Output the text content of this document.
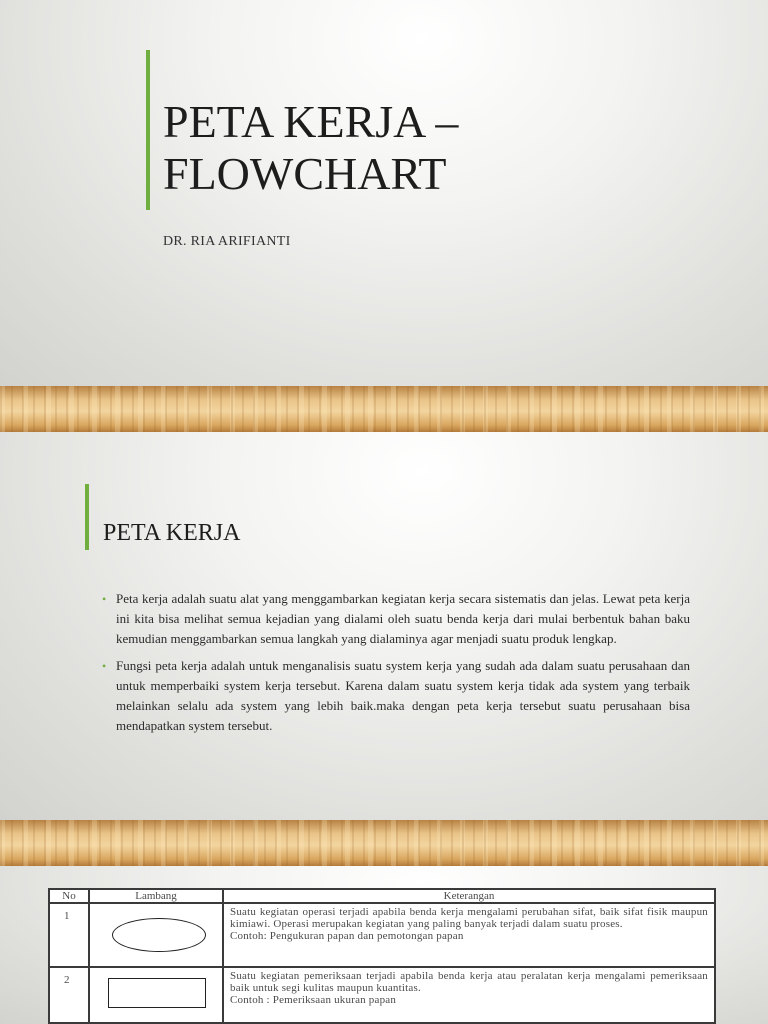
PETA KERJA –
FLOWCHART

DR. RIA ARIFIANTI

PETA KERJA
• Peta kerja adalah suatu alat yang menggambarkan kegiatan kerja secara sistematis dan jelas. Lewat peta kerja ini kita bisa melihat semua kejadian yang dialami oleh suatu benda kerja dari mulai berbentuk bahan baku kemudian menggambarkan semua langkah yang dialaminya agar menjadi suatu produk lengkap.
• Fungsi peta kerja adalah untuk menganalisis suatu system kerja yang sudah ada dalam suatu perusahaan dan untuk memperbaiki system kerja tersebut. Karena dalam suatu system kerja tidak ada system yang terbaik melainkan selalu ada system yang lebih baik.maka dengan peta kerja tersebut suatu perusahaan bisa mendapatkan system tersebut.
No	Lambang	Keterangan
1		Suatu kegiatan operasi terjadi apabila benda kerja mengalami perubahan sifat, baik sifat fisik maupun kimiawi. Operasi merupakan kegiatan yang paling banyak terjadi dalam suatu proses.
Contoh: Pengukuran papan dan pemotongan papan

2		Suatu kegiatan pemeriksaan terjadi apabila benda kerja atau peralatan kerja mengalami pemeriksaan baik untuk segi kulitas maupun kuantitas.
Contoh : Pemeriksaan ukuran papan
